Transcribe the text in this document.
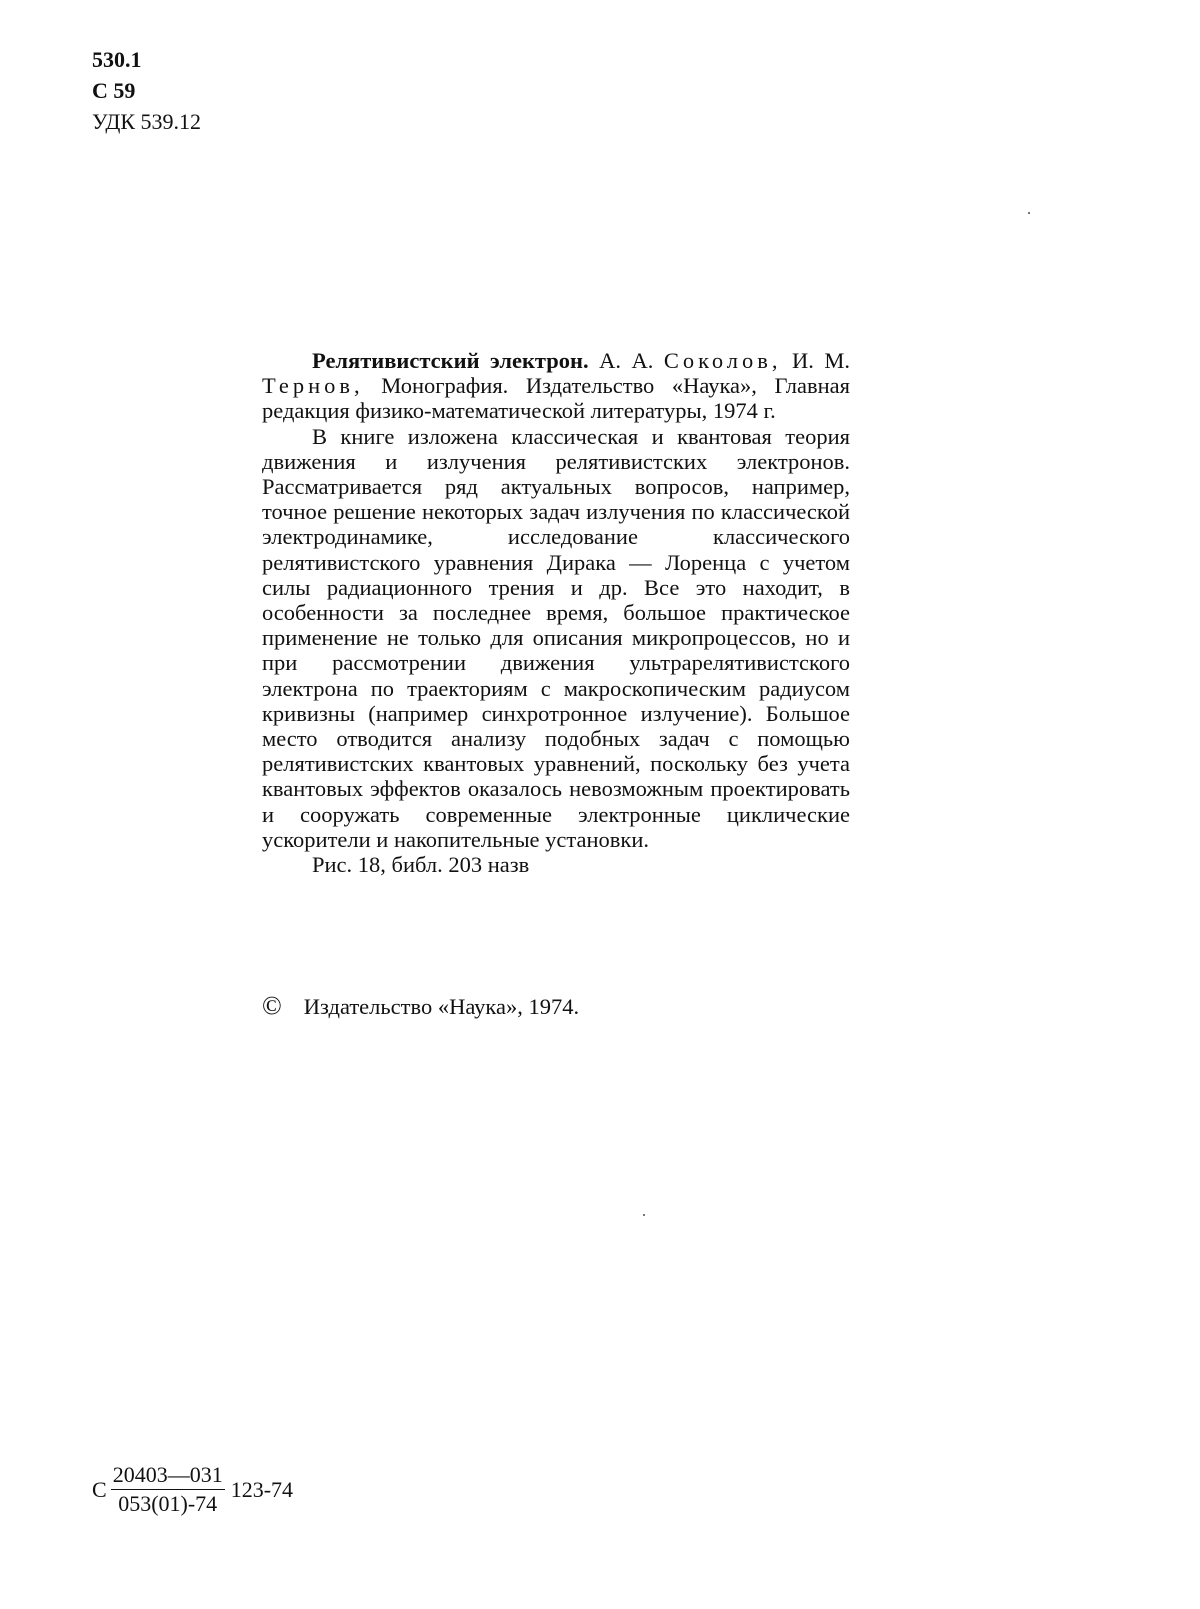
530.1
С 59
УДК 539.12

Релятивистский электрон. А. А. Соколов, И. М. Тернов, Монография. Издательство «Наука», Главная редакция физико-математической литературы, 1974 г.

В книге изложена классическая и квантовая теория движения и излучения релятивистских электронов. Рассматривается ряд актуальных вопросов, например, точное решение некоторых задач излучения по классической электродинамике, исследование классического релятивистского уравнения Дирака — Лоренца с учетом силы радиационного трения и др. Все это находит, в особенности за последнее время, большое практическое применение не только для описания микропроцессов, но и при рассмотрении движения ультрарелятивистского электрона по траекториям с макроскопическим радиусом кривизны (например синхротронное излучение). Большое место отводится анализу подобных задач с помощью релятивистских квантовых уравнений, поскольку без учета квантовых эффектов оказалось невозможным проектировать и сооружать современные электронные циклические ускорители и накопительные установки.

Рис. 18, библ. 203 назв

© Издательство «Наука», 1974.
С $\frac{20403—031}{053(01)-74} 123-74$
